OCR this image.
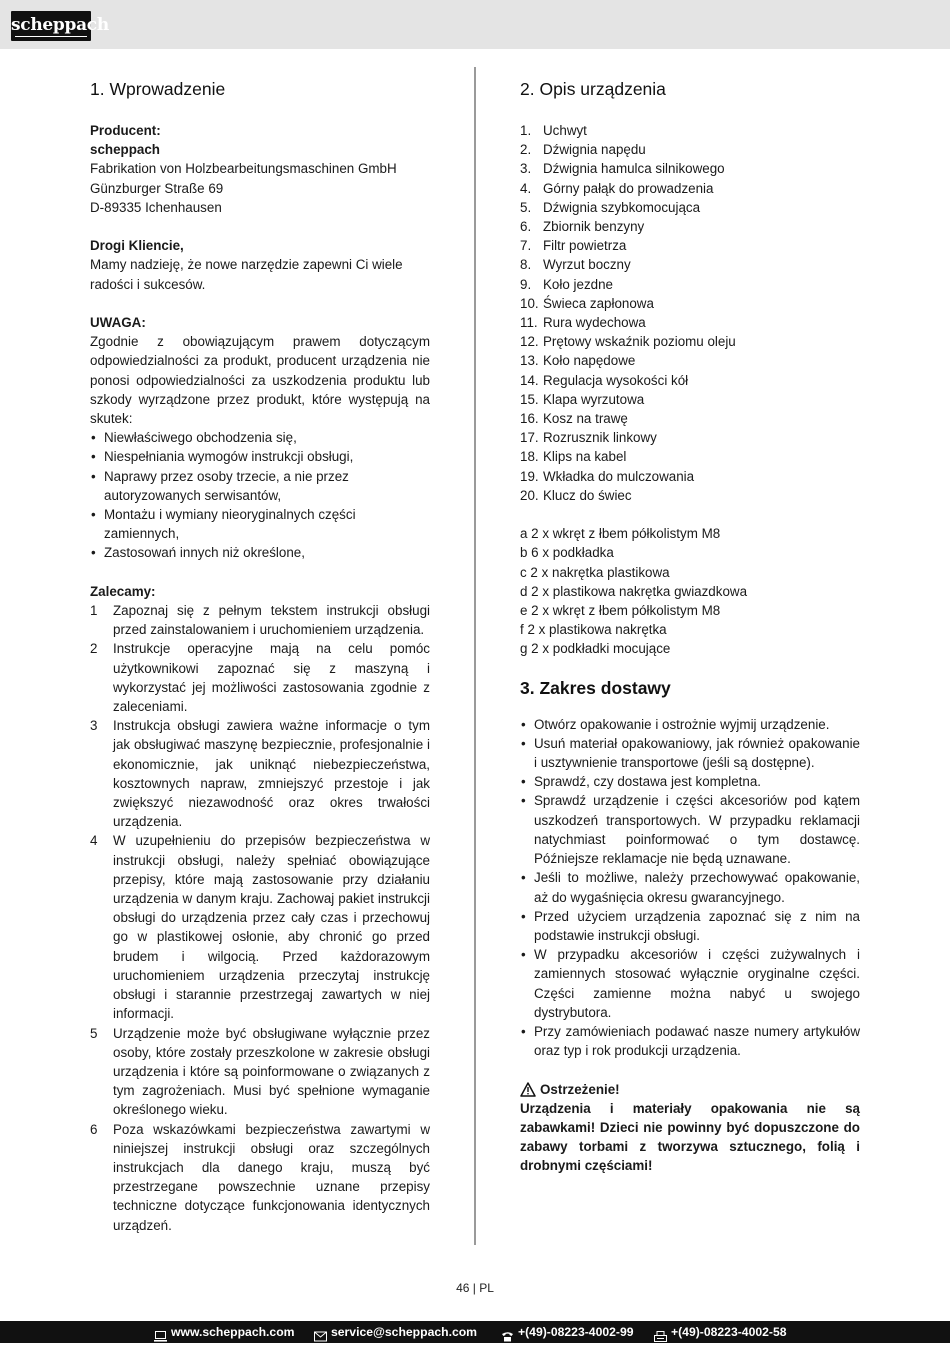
scheppach
1. Wprowadzenie

Producent:

scheppach

Fabrikation von Holzbearbeitungsmaschinen GmbH

Günzburger Straße 69

D-89335 Ichenhausen

Drogi Kliencie,

Mamy nadzieję, że nowe narzędzie zapewni Ci wiele radości i sukcesów.

UWAGA:

Zgodnie z obowiązującym prawem dotyczącym odpowiedzialności za produkt, producent urządzenia nie ponosi odpowiedzialności za uszkodzenia produktu lub szkody wyrządzone przez produkt, które występują na skutek:

• Niewłaściwego obchodzenia się,
• Niespełniania wymogów instrukcji obsługi,
• Naprawy przez osoby trzecie, a nie przez autoryzowanych serwisantów,
• Montażu i wymiany nieoryginalnych części zamiennych,
• Zastosowań innych niż określone,

Zalecamy:

1 Zapoznaj się z pełnym tekstem instrukcji obsługi przed zainstalowaniem i uruchomieniem urządzenia.
2 Instrukcje operacyjne mają na celu pomóc użytkownikowi zapoznać się z maszyną i wykorzystać jej możliwości zastosowania zgodnie z zaleceniami.
3 Instrukcja obsługi zawiera ważne informacje o tym jak obsługiwać maszynę bezpiecznie, profesjonalnie i ekonomicznie, jak uniknąć niebezpieczeństwa, kosztownych napraw, zmniejszyć przestoje i jak zwiększyć niezawodność oraz okres trwałości urządzenia.
4 W uzupełnieniu do przepisów bezpieczeństwa w instrukcji obsługi, należy spełniać obowiązujące przepisy, które mają zastosowanie przy działaniu urządzenia w danym kraju. Zachowaj pakiet instrukcji obsługi do urządzenia przez cały czas i przechowuj go w plastikowej osłonie, aby chronić go przed brudem i wilgocią. Przed każdorazowym uruchomieniem urządzenia przeczytaj instrukcję obsługi i starannie przestrzegaj zawartych w niej informacji.
5 Urządzenie może być obsługiwane wyłącznie przez osoby, które zostały przeszkolone w zakresie obsługi urządzenia i które są poinformowane o związanych z tym zagrożeniach. Musi być spełnione wymaganie określonego wieku.
6 Poza wskazówkami bezpieczeństwa zawartymi w niniejszej instrukcji obsługi oraz szczególnych instrukcjach dla danego kraju, muszą być przestrzegane powszechnie uznane przepisy techniczne dotyczące funkcjonowania identycznych urządzeń.
2. Opis urządzenia
1. Uchwyt
2. Dźwignia napędu
3. Dźwignia hamulca silnikowego
4. Górny pałąk do prowadzenia
5. Dźwignia szybkomocująca
6. Zbiornik benzyny
7. Filtr powietrza
8. Wyrzut boczny
9. Koło jezdne
10. Świeca zapłonowa
11. Rura wydechowa
12. Prętowy wskaźnik poziomu oleju
13. Koło napędowe
14. Regulacja wysokości kół
15. Klapa wyrzutowa
16. Kosz na trawę
17. Rozrusznik linkowy
18. Klips na kabel
19. Wkładka do mulczowania
20. Klucz do świec
a 2 x wkręt z łbem półkolistym M8
b 6 x podkładka
c 2 x nakrętka plastikowa
d 2 x plastikowa nakrętka gwiazdkowa
e 2 x wkręt z łbem półkolistym M8
f 2 x plastikowa nakrętka
g 2 x podkładki mocujące
3. Zakres dostawy
• Otwórz opakowanie i ostrożnie wyjmij urządzenie.
• Usuń materiał opakowaniowy, jak również opakowanie i usztywnienie transportowe (jeśli są dostępne).
• Sprawdź, czy dostawa jest kompletna.
• Sprawdź urządzenie i części akcesoriów pod kątem uszkodzeń transportowych. W przypadku reklamacji natychmiast poinformować o tym dostawcę. Późniejsze reklamacje nie będą uznawane.
• Jeśli to możliwe, należy przechowywać opakowanie, aż do wygaśnięcia okresu gwarancyjnego.
• Przed użyciem urządzenia zapoznać się z nim na podstawie instrukcji obsługi.
• W przypadku akcesoriów i części zużywalnych i zamiennych stosować wyłącznie oryginalne części. Części zamienne można nabyć u swojego dystrybutora.
• Przy zamówieniach podawać nasze numery artykułów oraz typ i rok produkcji urządzenia.
Ostrzeżenie!

Urządzenia i materiały opakowania nie są zabawkami! Dzieci nie powinny być dopuszczone do zabawy torbami z tworzywa sztucznego, folią i drobnymi częściami!

46 | PL
www.scheppach.com	service@scheppach.com	+(49)-08223-4002-99	+(49)-08223-4002-58
